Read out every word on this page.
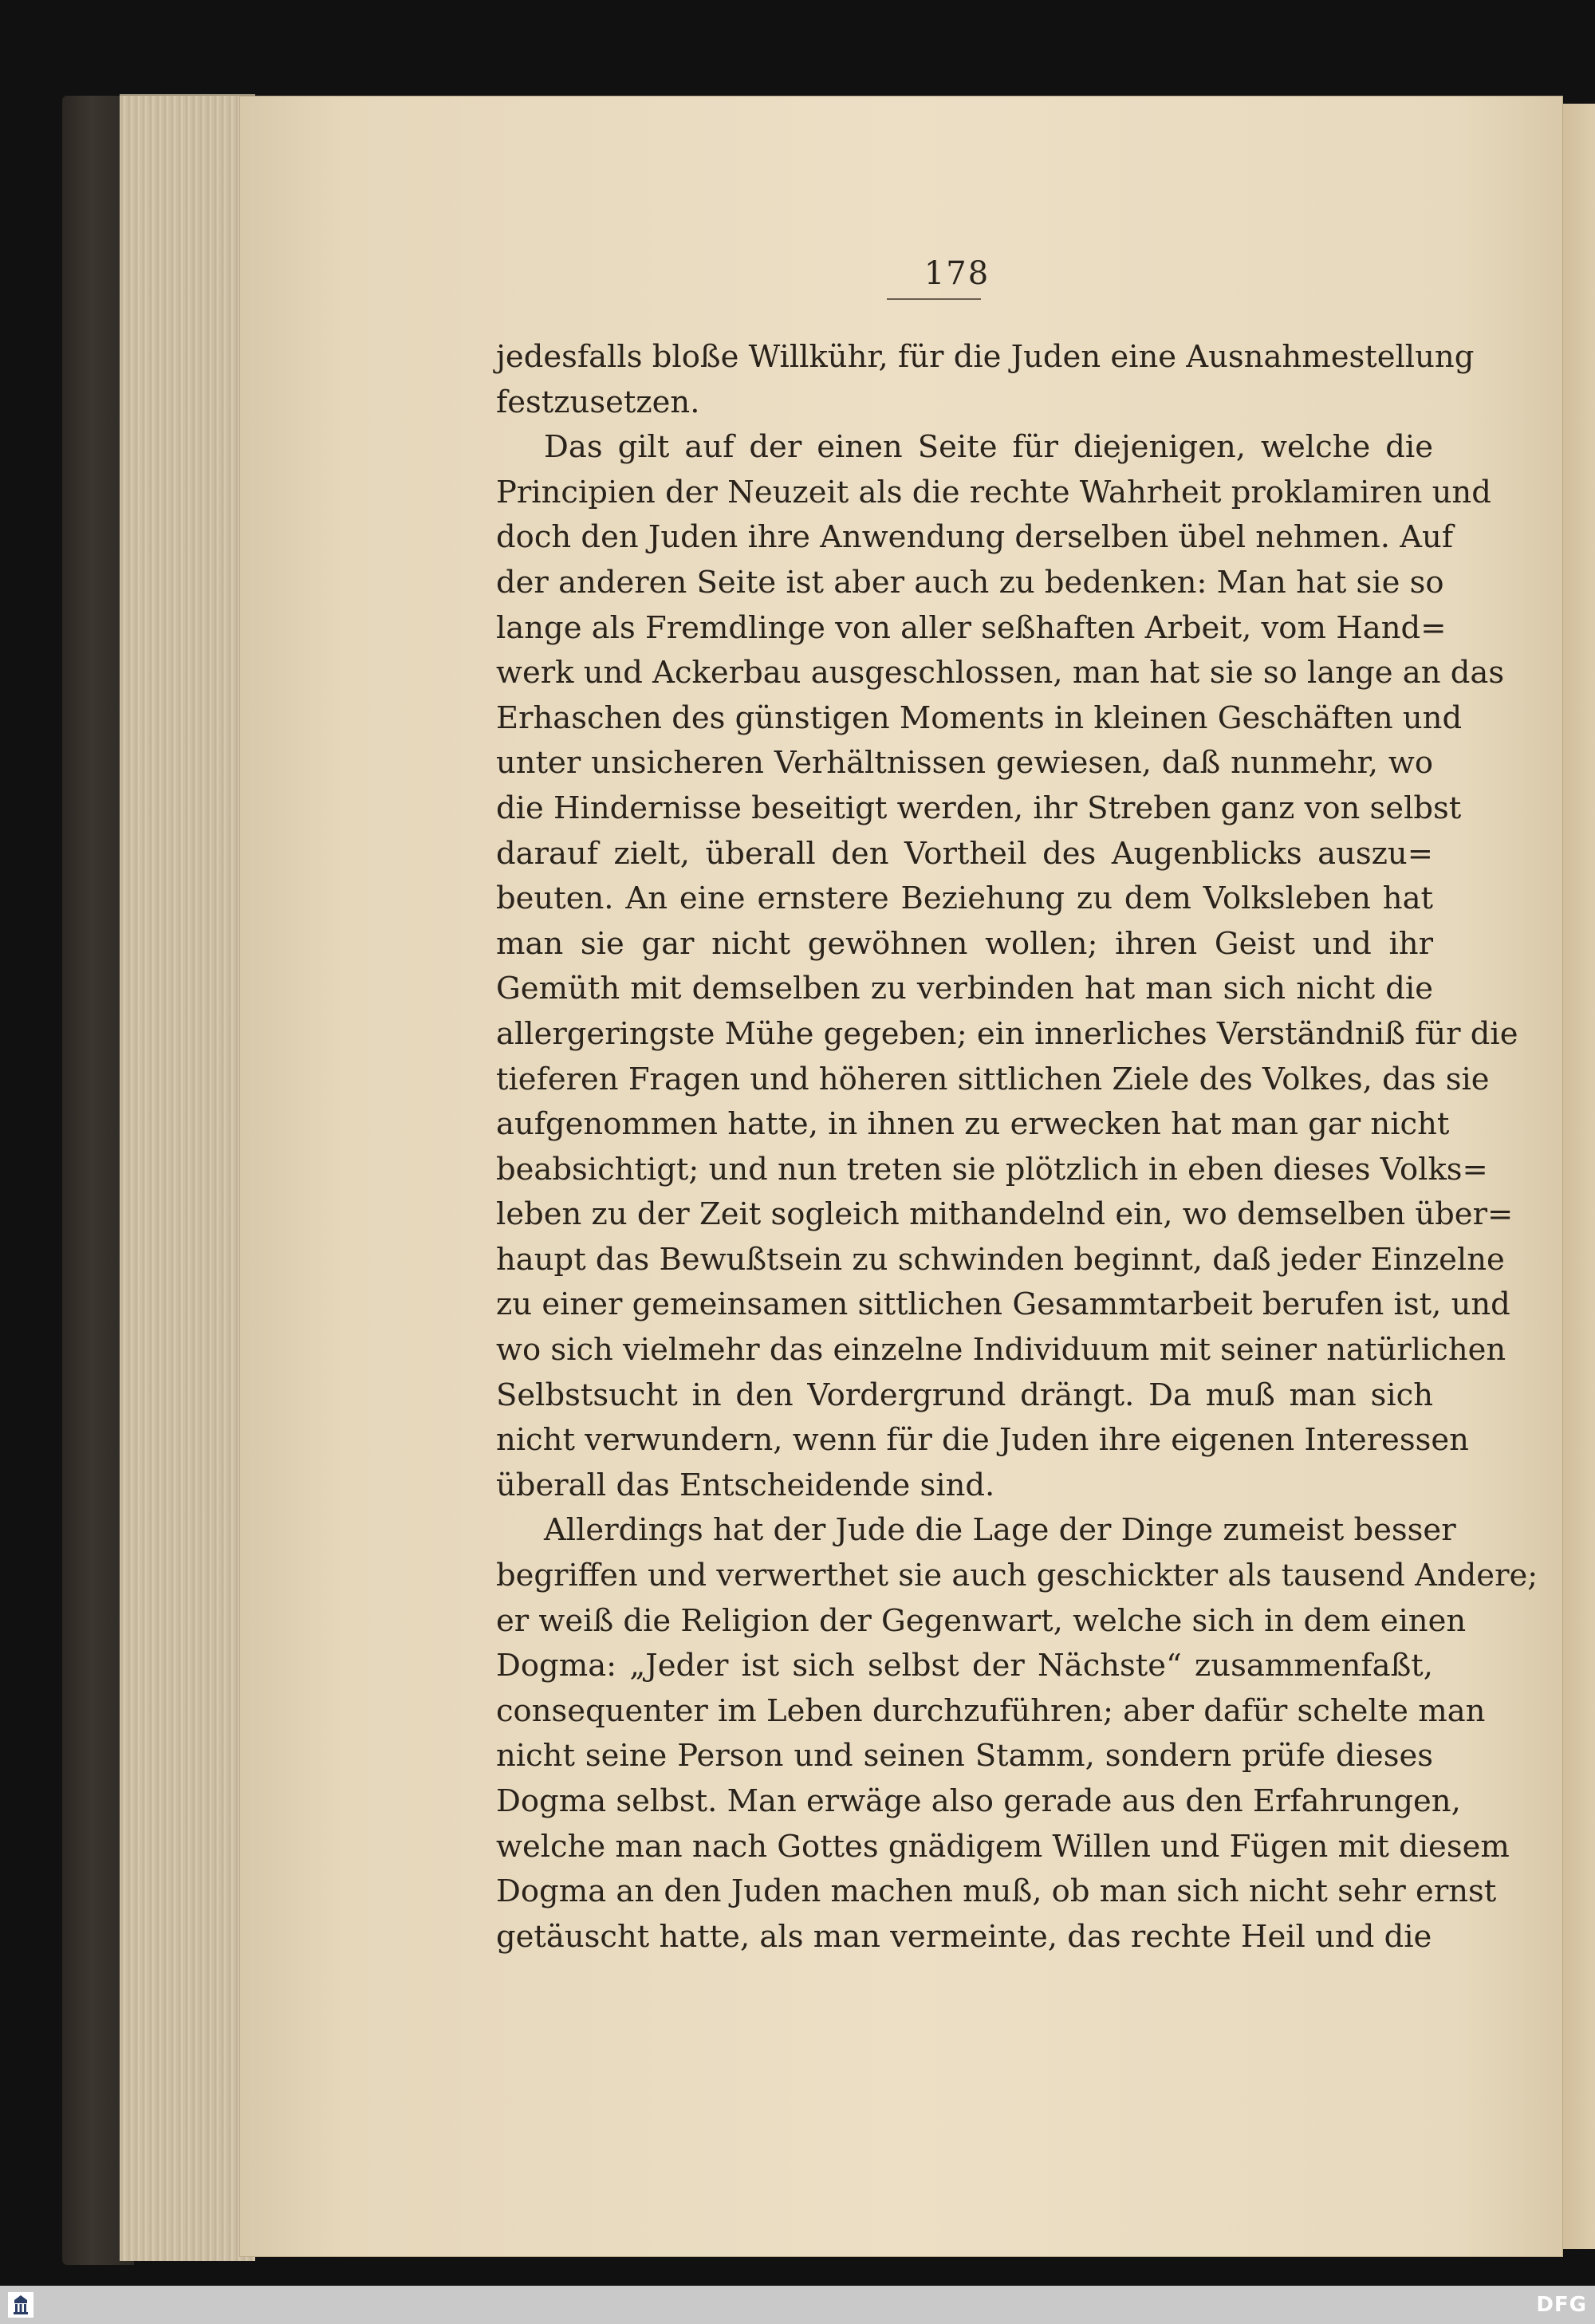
178
jedesfalls bloße Willkühr, für die Juden eine Ausnahmestellung
festzusetzen.
Das gilt auf der einen Seite für diejenigen, welche die
Principien der Neuzeit als die rechte Wahrheit proklamiren und
doch den Juden ihre Anwendung derselben übel nehmen. Auf
der anderen Seite ist aber auch zu bedenken: Man hat sie so
lange als Fremdlinge von aller seßhaften Arbeit, vom Hand=
werk und Ackerbau ausgeschlossen, man hat sie so lange an das
Erhaschen des günstigen Moments in kleinen Geschäften und
unter unsicheren Verhältnissen gewiesen, daß nunmehr, wo
die Hindernisse beseitigt werden, ihr Streben ganz von selbst
darauf zielt, überall den Vortheil des Augenblicks auszu=
beuten. An eine ernstere Beziehung zu dem Volksleben hat
man sie gar nicht gewöhnen wollen; ihren Geist und ihr
Gemüth mit demselben zu verbinden hat man sich nicht die
allergeringste Mühe gegeben; ein innerliches Verständniß für die
tieferen Fragen und höheren sittlichen Ziele des Volkes, das sie
aufgenommen hatte, in ihnen zu erwecken hat man gar nicht
beabsichtigt; und nun treten sie plötzlich in eben dieses Volks=
leben zu der Zeit sogleich mithandelnd ein, wo demselben über=
haupt das Bewußtsein zu schwinden beginnt, daß jeder Einzelne
zu einer gemeinsamen sittlichen Gesammtarbeit berufen ist, und
wo sich vielmehr das einzelne Individuum mit seiner natürlichen
Selbstsucht in den Vordergrund drängt. Da muß man sich
nicht verwundern, wenn für die Juden ihre eigenen Interessen
überall das Entscheidende sind.
Allerdings hat der Jude die Lage der Dinge zumeist besser
begriffen und verwerthet sie auch geschickter als tausend Andere;
er weiß die Religion der Gegenwart, welche sich in dem einen
Dogma: „Jeder ist sich selbst der Nächste“ zusammenfaßt,
consequenter im Leben durchzuführen; aber dafür schelte man
nicht seine Person und seinen Stamm, sondern prüfe dieses
Dogma selbst. Man erwäge also gerade aus den Erfahrungen,
welche man nach Gottes gnädigem Willen und Fügen mit diesem
Dogma an den Juden machen muß, ob man sich nicht sehr ernst
getäuscht hatte, als man vermeinte, das rechte Heil und die
DFG
